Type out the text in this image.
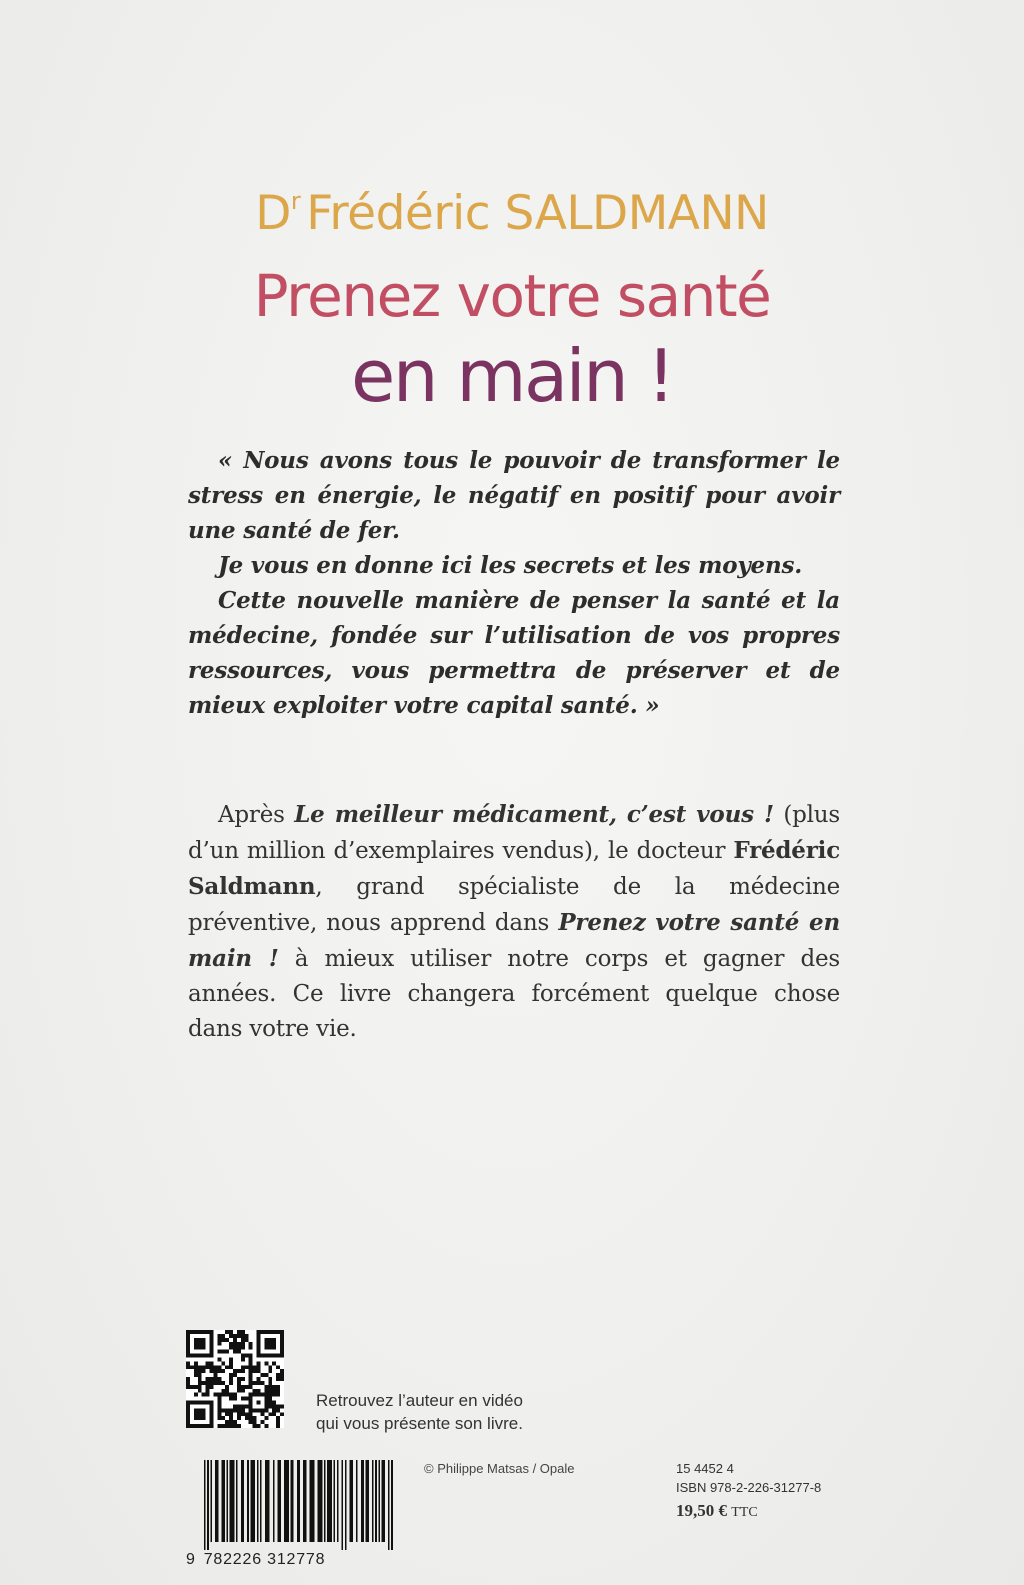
$D^r$ Frédéric SALDMANN
Prenez votre santé
en main !

« Nous avons tous le pouvoir de transformer le stress en énergie, le négatif en positif pour avoir une santé de fer.

Je vous en donne ici les secrets et les moyens.

Cette nouvelle manière de penser la santé et la médecine, fondée sur l’utilisation de vos propres ressources, vous permettra de préserver et de mieux exploiter votre capital santé. »

Après Le meilleur médicament, c’est vous ! (plus d’un million d’exemplaires vendus), le docteur Frédéric Saldmann, grand spécialiste de la médecine préventive, nous apprend dans Prenez votre santé en main ! à mieux utiliser notre corps et gagner des années. Ce livre changera forcément quelque chose dans votre vie.

Retrouvez l’auteur en vidéo
qui vous présente son livre.
9 782226 312778
© Philippe Matsas / Opale	15 4452 4
ISBN 978-2-226-31277-8
19,50 € TTC
